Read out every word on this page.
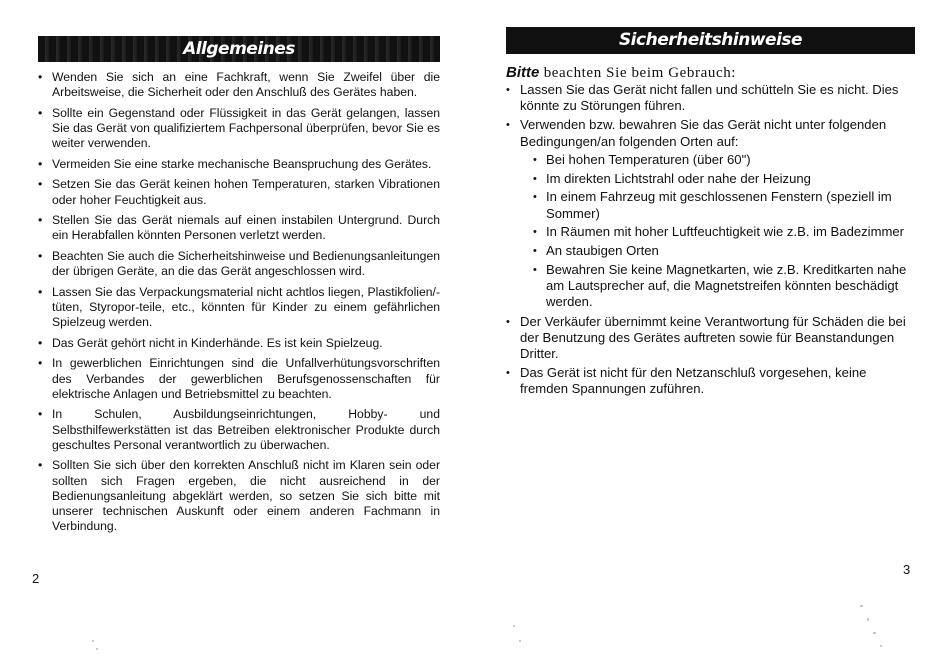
Allgemeines
• Wenden Sie sich an eine Fachkraft, wenn Sie Zweifel über die Arbeitsweise, die Sicherheit oder den Anschluß des Gerätes haben.
• Sollte ein Gegenstand oder Flüssigkeit in das Gerät gelangen, lassen Sie das Gerät von qualifiziertem Fachpersonal überprüfen, bevor Sie es weiter verwenden.
• Vermeiden Sie eine starke mechanische Beanspruchung des Gerätes.
• Setzen Sie das Gerät keinen hohen Temperaturen, starken Vibrationen oder hoher Feuchtigkeit aus.
• Stellen Sie das Gerät niemals auf einen instabilen Untergrund. Durch ein Herabfallen könnten Personen verletzt werden.
• Beachten Sie auch die Sicherheitshinweise und Bedienungsanleitungen der übrigen Geräte, an die das Gerät angeschlossen wird.
• Lassen Sie das Verpackungsmaterial nicht achtlos liegen, Plastikfolien/-tüten, Styropor-teile, etc., könnten für Kinder zu einem gefährlichen Spielzeug werden.
• Das Gerät gehört nicht in Kinderhände. Es ist kein Spielzeug.
• In gewerblichen Einrichtungen sind die Unfallverhütungsvorschriften des Verbandes der gewerblichen Berufsgenossenschaften für elektrische Anlagen und Betriebsmittel zu beachten.
• In Schulen, Ausbildungseinrichtungen, Hobby- und Selbsthilfewerkstätten ist das Betreiben elektronischer Produkte durch geschultes Personal verantwortlich zu überwachen.
• Sollten Sie sich über den korrekten Anschluß nicht im Klaren sein oder sollten sich Fragen ergeben, die nicht ausreichend in der Bedienungsanleitung abgeklärt werden, so setzen Sie sich bitte mit unserer technischen Auskunft oder einem anderen Fachmann in Verbindung.
2
Sicherheitshinweise
Bitte beachten Sie beim Gebrauch:
• Lassen Sie das Gerät nicht fallen und schütteln Sie es nicht. Dies könnte zu Störungen führen.
• Verwenden bzw. bewahren Sie das Gerät nicht unter folgenden Bedingungen/an folgenden Orten auf:
• Bei hohen Temperaturen (über 60")
• Im direkten Lichtstrahl oder nahe der Heizung
• In einem Fahrzeug mit geschlossenen Fenstern (speziell im Sommer)
• In Räumen mit hoher Luftfeuchtigkeit wie z.B. im Badezimmer
• An staubigen Orten
• Bewahren Sie keine Magnetkarten, wie z.B. Kreditkarten nahe am Lautsprecher auf, die Magnetstreifen könnten beschädigt werden.
• Der Verkäufer übernimmt keine Verantwortung für Schäden die bei der Benutzung des Gerätes auftreten sowie für Beanstandungen Dritter.
• Das Gerät ist nicht für den Netzanschluß vorgesehen, keine fremden Spannungen zuführen.
3
